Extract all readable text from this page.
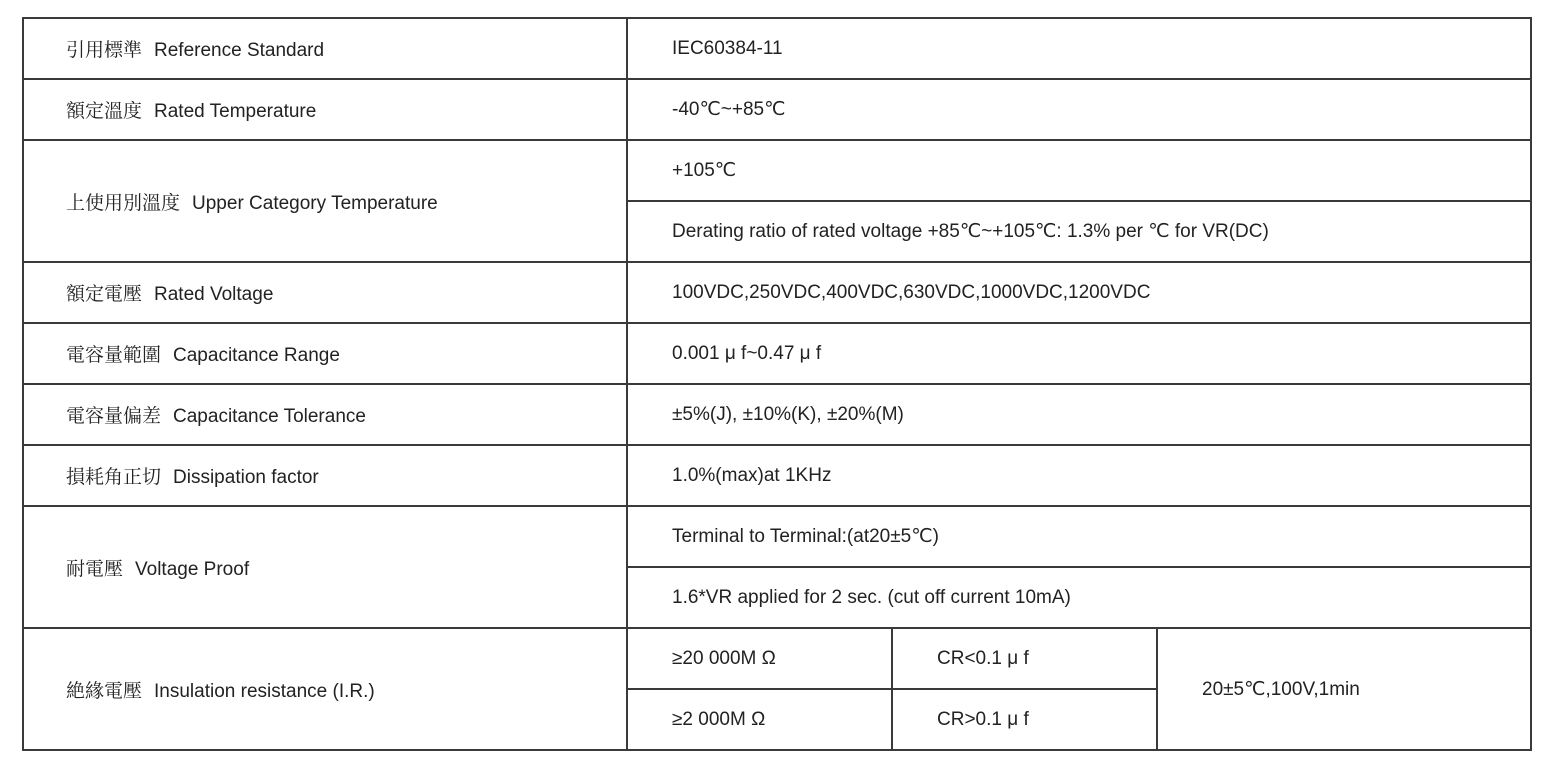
引用標準 Reference Standard	IEC60384-11		
額定溫度 Rated Temperature	-40℃~+85℃		
上使用別溫度 Upper Category Temperature	+105℃		
	Derating ratio of rated voltage +85℃~+105℃: 1.3% per ℃ for VR(DC)		
額定電壓 Rated Voltage	100VDC,250VDC,400VDC,630VDC,1000VDC,1200VDC		
電容量範圍 Capacitance Range	0.001 μ f~0.47 μ f		
電容量偏差 Capacitance Tolerance	±5%(J), ±10%(K), ±20%(M)		
損耗角正切 Dissipation factor	1.0%(max)at 1KHz		
耐電壓 Voltage Proof	Terminal to Terminal:(at20±5℃)		
	1.6*VR applied for 2 sec. (cut off current 10mA)		
絶緣電壓 Insulation resistance (I.R.)	≥20 000M Ω	CR<0.1 μ f	20±5℃,100V,1min
	≥2 000M Ω	CR>0.1 μ f	
